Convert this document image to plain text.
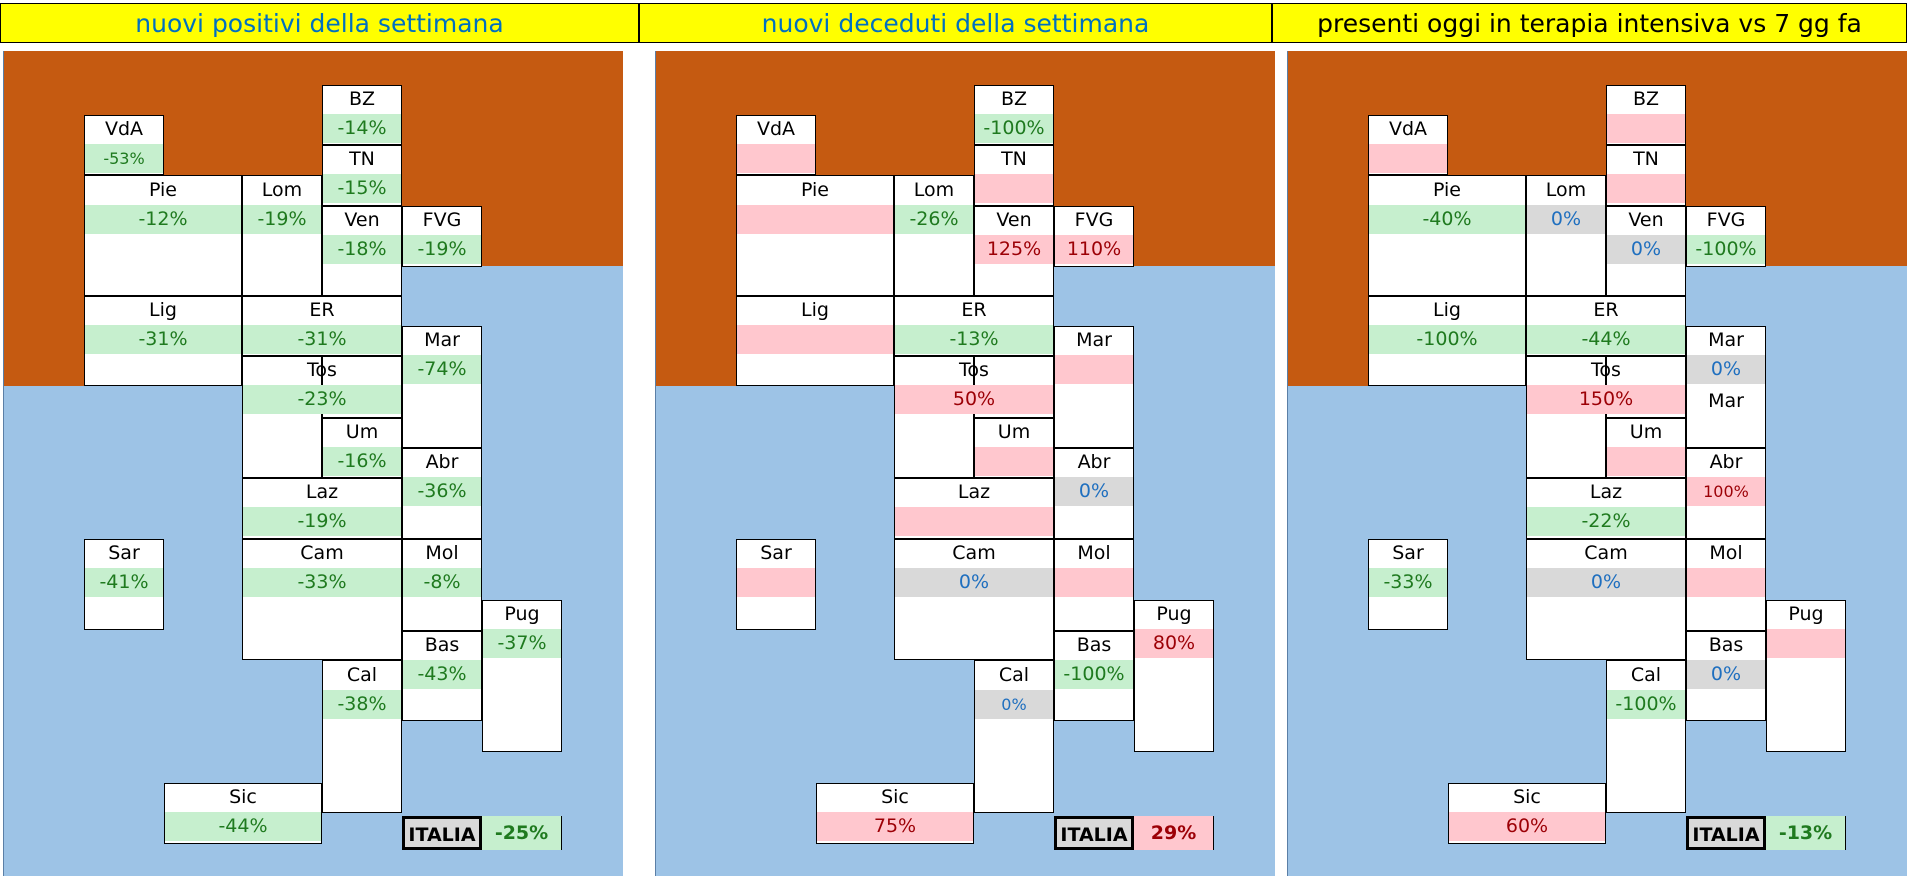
nuovi positivi della settimana	nuovi deceduti della settimana	presenti oggi in terapia intensiva vs 7 gg fa
VdA
-53%
BZ
-14%
TN
-15%
Pie
-12%
Lom
-19%	Ven
-18%
FVG
-19%
Lig
-31%
ER
-31%	Mar
-74%
Tos
-23%
Um
-16%	Abr
-36%
Laz
-19%
Sar
-41%
Cam
-33%
Mol
-8%
Pug
-37%
Bas
-43%
Cal
-38%
Sic
-44%	ITALIA	-25%
VdA
BZ
-100%
TN
Pie	Lom
-26%	Ven
125%
FVG
110%
Lig	ER
-13%	Mar
Tos
50%
Um
Abr
0%
Laz
Sar	Cam
0%
Mol
Pug
80%
Bas
-100%
Cal
0%
Sic
75%	ITALIA	29%
VdA
BZ
TN
Pie
-40%
Lom
0%	Ven
0%
FVG
-100%
Lig
-100%
ER
-44%	Mar
0%
Tos
150%
Um
Abr
100%
Laz
-22%
Sar
-33%
Cam
0%
Mol
Pug
Bas
0%
Cal
-100%
Sic
60%
Mar
ITALIA	-13%
